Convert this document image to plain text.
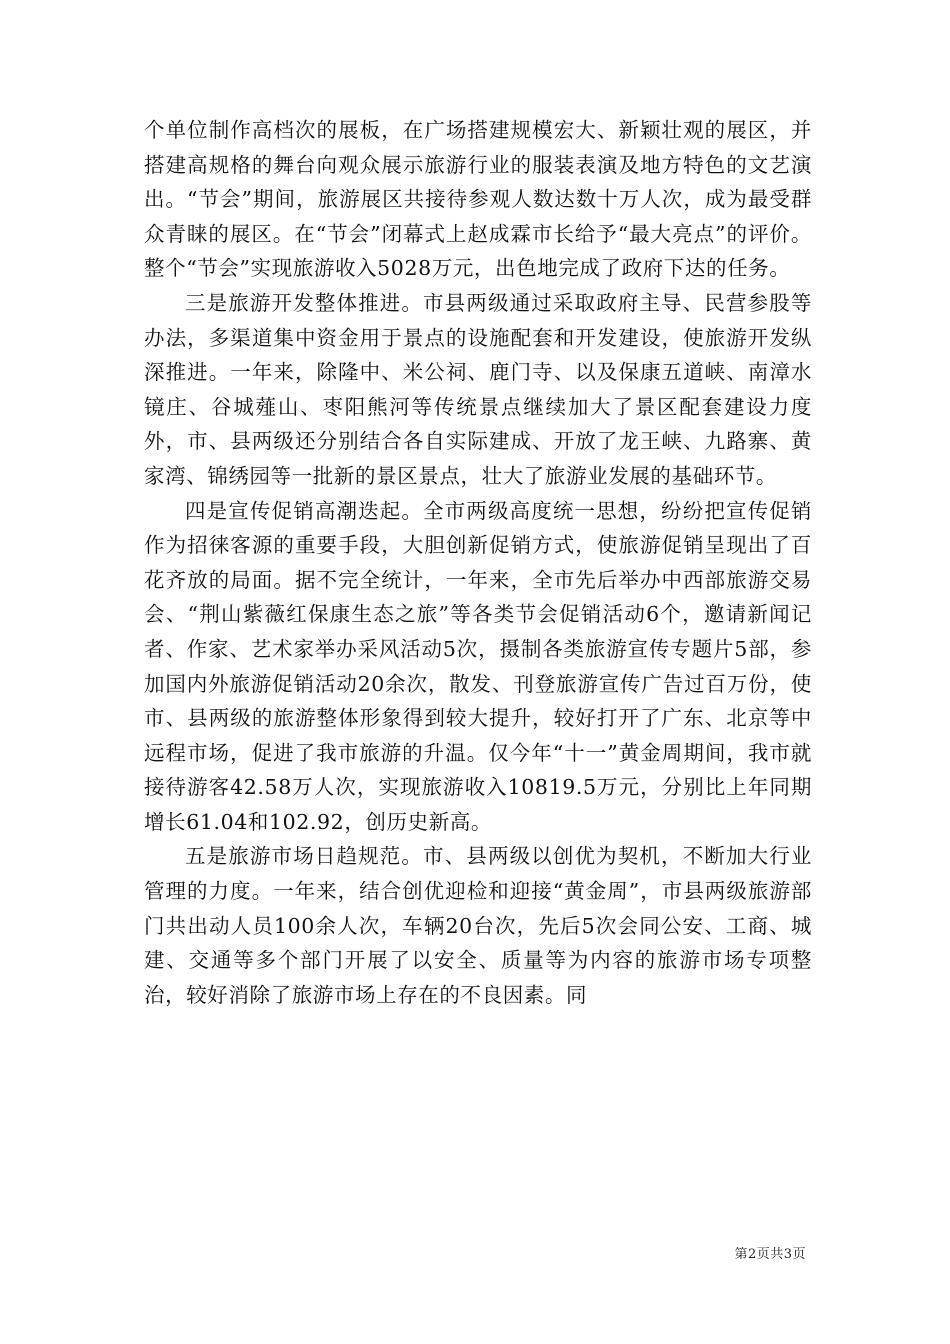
个单位制作高档次的展板，在广场搭建规模宏大、新颖壮观的展区，并搭建高规格的舞台向观众展示旅游行业的服装表演及地方特色的文艺演出。“节会”期间，旅游展区共接待参观人数达数十万人次，成为最受群众青睐的展区。在“节会”闭幕式上赵成霖市长给予“最大亮点”的评价。整个“节会”实现旅游收入5028万元，出色地完成了政府下达的任务。

三是旅游开发整体推进。市县两级通过采取政府主导、民营参股等办法，多渠道集中资金用于景点的设施配套和开发建设，使旅游开发纵深推进。一年来，除隆中、米公祠、鹿门寺、以及保康五道峡、南漳水镜庄、谷城薤山、枣阳熊河等传统景点继续加大了景区配套建设力度外，市、县两级还分别结合各自实际建成、开放了龙王峡、九路寨、黄家湾、锦绣园等一批新的景区景点，壮大了旅游业发展的基础环节。

四是宣传促销高潮迭起。全市两级高度统一思想，纷纷把宣传促销作为招徕客源的重要手段，大胆创新促销方式，使旅游促销呈现出了百花齐放的局面。据不完全统计，一年来，全市先后举办中西部旅游交易会、“荆山紫薇红保康生态之旅”等各类节会促销活动6个，邀请新闻记者、作家、艺术家举办采风活动5次，摄制各类旅游宣传专题片5部，参加国内外旅游促销活动20余次，散发、刊登旅游宣传广告过百万份，使市、县两级的旅游整体形象得到较大提升，较好打开了广东、北京等中远程市场，促进了我市旅游的升温。仅今年“十一”黄金周期间，我市就接待游客42.58万人次，实现旅游收入10819.5万元，分别比上年同期增长61.04和102.92，创历史新高。

五是旅游市场日趋规范。市、县两级以创优为契机，不断加大行业管理的力度。一年来，结合创优迎检和迎接“黄金周”，市县两级旅游部门共出动人员100余人次，车辆20台次，先后5次会同公安、工商、城建、交通等多个部门开展了以安全、质量等为内容的旅游市场专项整治，较好消除了旅游市场上存在的不良因素。同

第2页共3页
